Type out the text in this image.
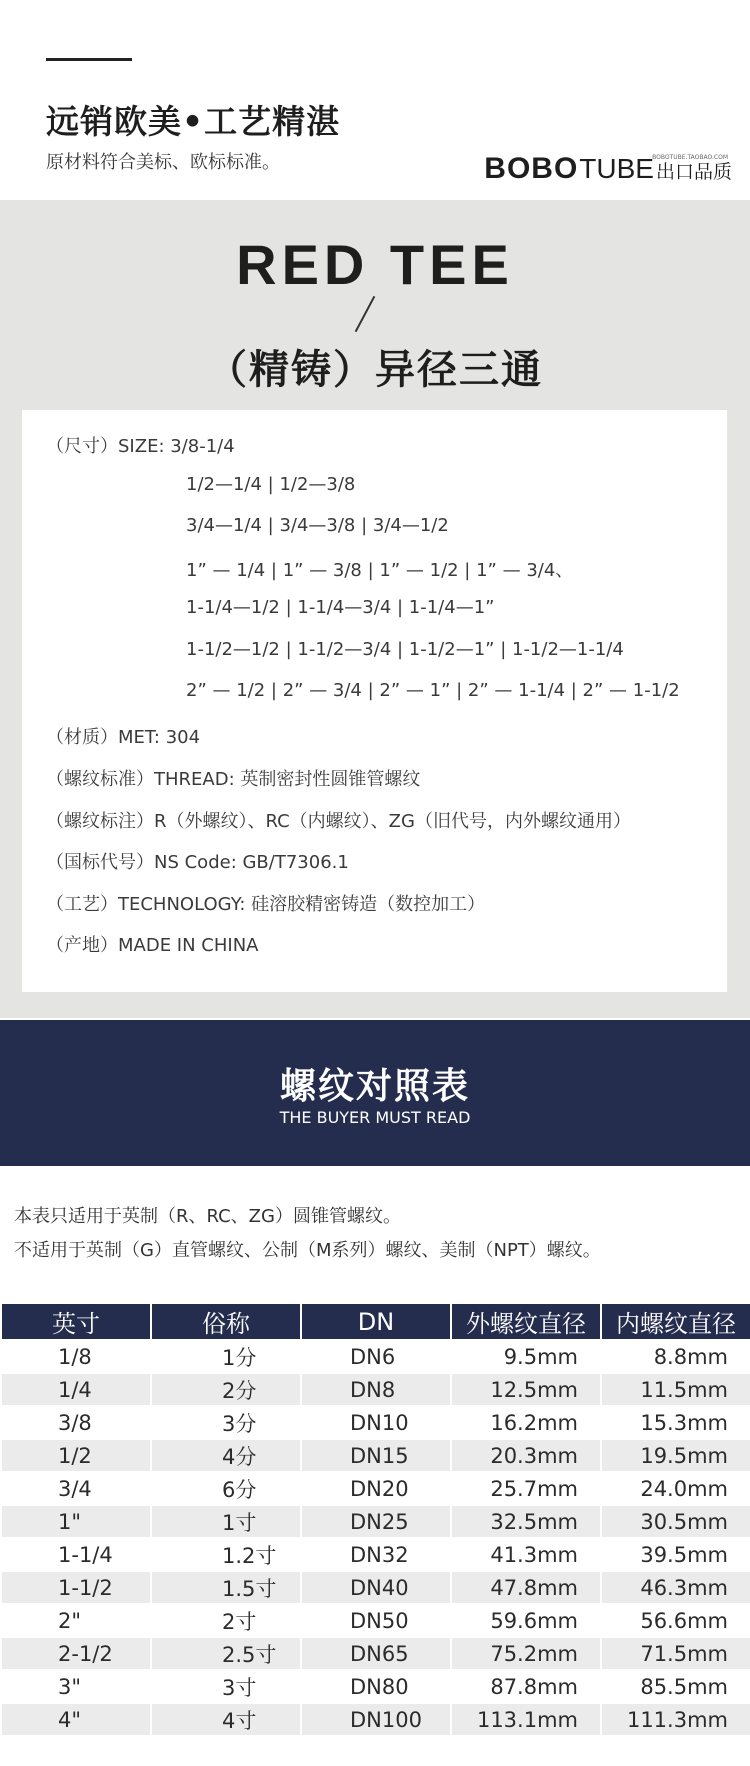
远销欧美•工艺精湛
原材料符合美标、欧标标准。	BOBOTUBE.TAOBAO.COM
BOBO TUBE 出口品质
RED TEE
（精铸）异径三通
（尺寸）SIZE: 3/8-1/4
1/2—1/4 | 1/2—3/8
3/4—1/4 | 3/4—3/8 | 3/4—1/2
1” — 1/4 | 1” — 3/8 | 1” — 1/2 | 1” — 3/4、
1-1/4—1/2 | 1-1/4—3/4 | 1-1/4—1”
1-1/2—1/2 | 1-1/2—3/4 | 1-1/2—1” | 1-1/2—1-1/4
2” — 1/2 | 2” — 3/4 | 2” — 1” | 2” — 1-1/4 | 2” — 1-1/2
（材质）MET: 304
（螺纹标准）THREAD: 英制密封性圆锥管螺纹
（螺纹标注）R（外螺纹）、RC（内螺纹）、ZG（旧代号，内外螺纹通用）
（国标代号）NS Code: GB/T7306.1
（工艺）TECHNOLOGY: 硅溶胶精密铸造（数控加工）
（产地）MADE IN CHINA
螺纹对照表
THE BUYER MUST READ
本表只适用于英制（R、RC、ZG）圆锥管螺纹。
不适用于英制（G）直管螺纹、公制（M系列）螺纹、美制（NPT）螺纹。
英寸	俗称	DN	外螺纹直径	内螺纹直径
1/8	1分	DN6	9.5mm	8.8mm
1/4	2分	DN8	12.5mm	11.5mm
3/8	3分	DN10	16.2mm	15.3mm
1/2	4分	DN15	20.3mm	19.5mm
3/4	6分	DN20	25.7mm	24.0mm
1"	1寸	DN25	32.5mm	30.5mm
1-1/4	1.2寸	DN32	41.3mm	39.5mm
1-1/2	1.5寸	DN40	47.8mm	46.3mm
2"	2寸	DN50	59.6mm	56.6mm
2-1/2	2.5寸	DN65	75.2mm	71.5mm
3"	3寸	DN80	87.8mm	85.5mm
4"	4寸	DN100	113.1mm	111.3mm
